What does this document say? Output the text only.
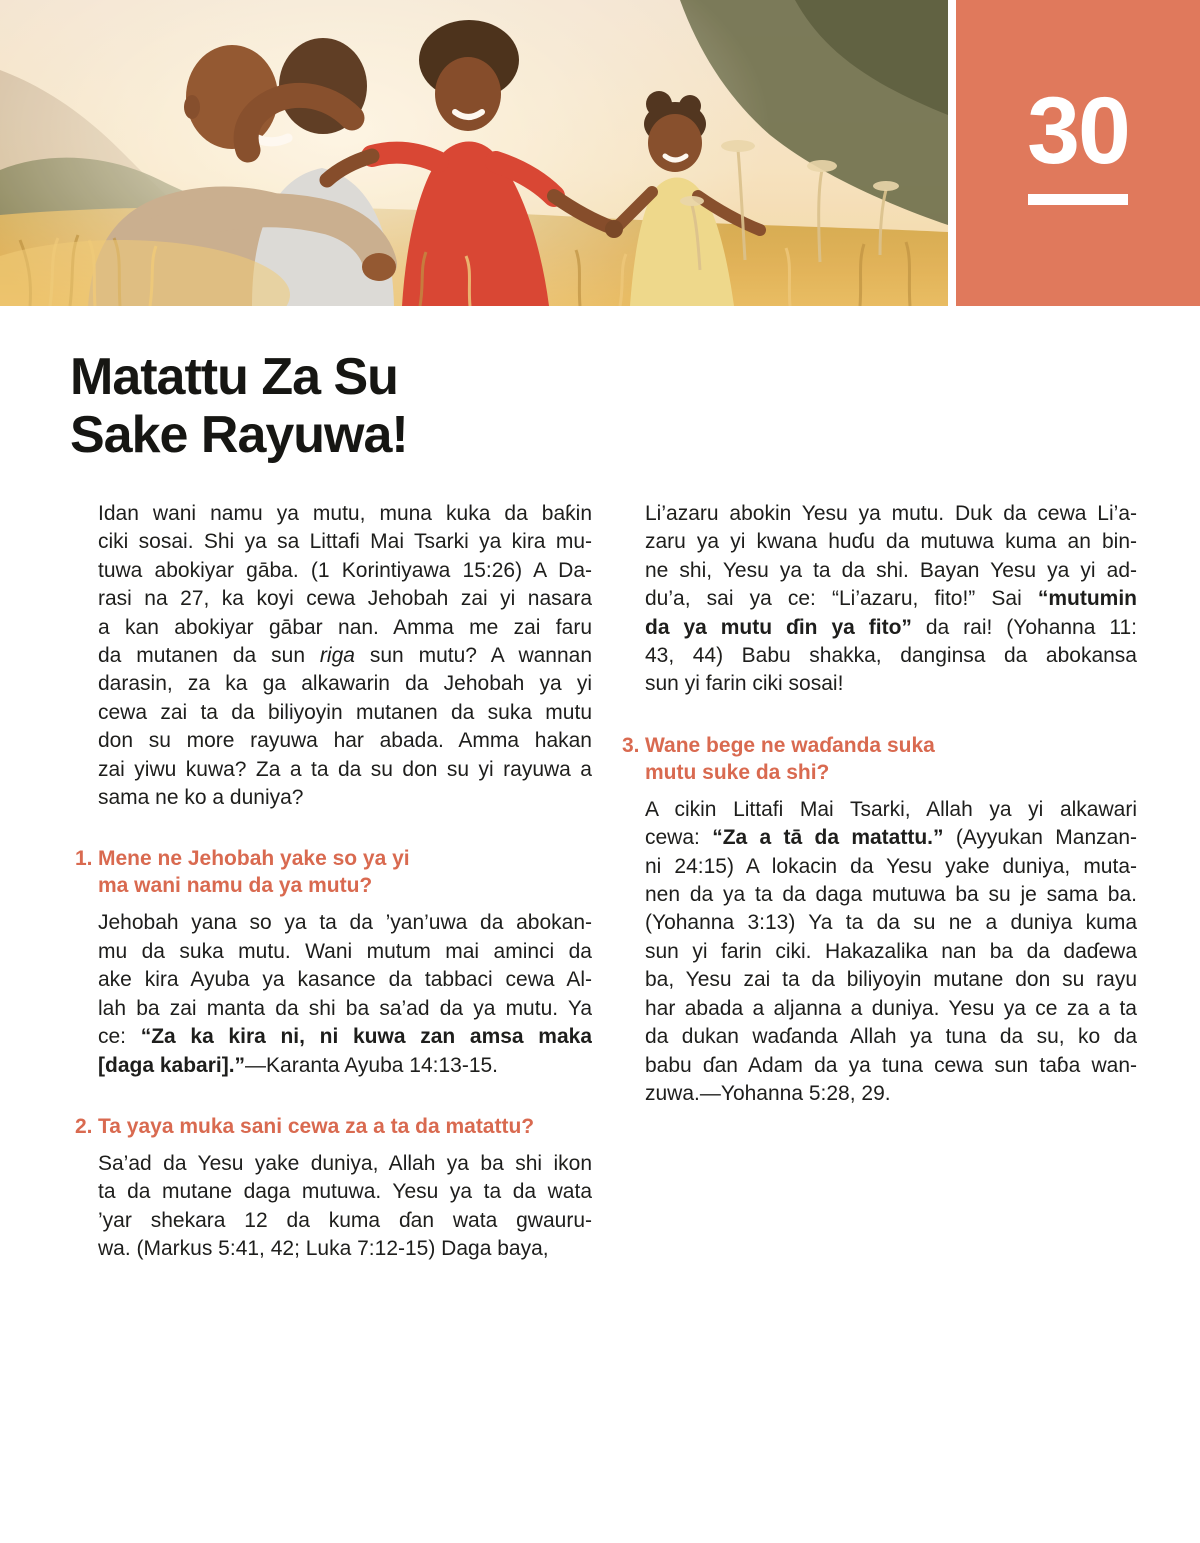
30
Matattu Za Su
Sake Rayuwa!
Idan wani namu ya mutu, muna kuka da baƙin
ciki sosai. Shi ya sa Littafi Mai Tsarki ya kira mu-
tuwa abokiyar gāba. (1 Korintiyawa 15:26) A Da-
rasi na 27, ka koyi cewa Jehobah zai yi nasara
a kan abokiyar gābar nan. Amma me zai faru
da mutanen da sun riga sun mutu? A wannan
darasin, za ka ga alkawarin da Jehobah ya yi
cewa zai ta da biliyoyin mutanen da suka mutu
don su more rayuwa har abada. Amma hakan
zai yiwu kuwa? Za a ta da su don su yi rayuwa a
sama ne ko a duniya?
1. Mene ne Jehobah yake so ya yi
ma wani namu da ya mutu?
Jehobah yana so ya ta da ’yan’uwa da abokan-
mu da suka mutu. Wani mutum mai aminci da
ake kira Ayuba ya kasance da tabbaci cewa Al-
lah ba zai manta da shi ba sa’ad da ya mutu. Ya
ce: “Za ka kira ni, ni kuwa zan amsa maka
[daga kabari].”—Karanta Ayuba 14:13-15.
2. Ta yaya muka sani cewa za a ta da matattu?
Sa’ad da Yesu yake duniya, Allah ya ba shi ikon
ta da mutane daga mutuwa. Yesu ya ta da wata
’yar shekara 12 da kuma ɗan wata gwauru-
wa. (Markus 5:41, 42; Luka 7:12-15) Daga baya,
Li’azaru abokin Yesu ya mutu. Duk da cewa Li’a-
zaru ya yi kwana huɗu da mutuwa kuma an bin-
ne shi, Yesu ya ta da shi. Bayan Yesu ya yi ad-
du’a, sai ya ce: “Li’azaru, fito!” Sai “mutumin
da ya mutu ɗin ya fito” da rai! (Yohanna 11:
43, 44) Babu shakka, danginsa da abokansa
sun yi farin ciki sosai!
3. Wane bege ne waɗanda suka
mutu suke da shi?
A cikin Littafi Mai Tsarki, Allah ya yi alkawari
cewa: “Za a tā da matattu.” (Ayyukan Manzan-
ni 24:15) A lokacin da Yesu yake duniya, muta-
nen da ya ta da daga mutuwa ba su je sama ba.
(Yohanna 3:13) Ya ta da su ne a duniya kuma
sun yi farin ciki. Hakazalika nan ba da daɗewa
ba, Yesu zai ta da biliyoyin mutane don su rayu
har abada a aljanna a duniya. Yesu ya ce za a ta
da dukan waɗanda Allah ya tuna da su, ko da
babu ɗan Adam da ya tuna cewa sun taɓa wan-
zuwa.—Yohanna 5:28, 29.
